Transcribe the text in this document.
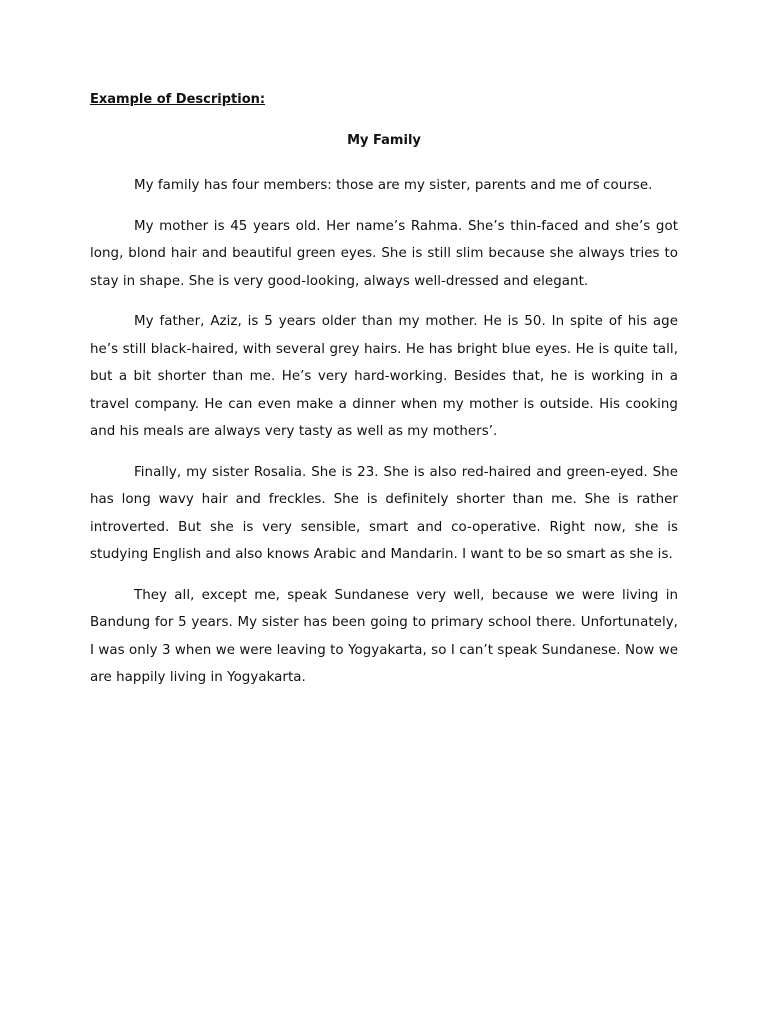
Example of Description:
My Family

My family has four members: those are my sister, parents and me of course.

My mother is 45 years old. Her name’s Rahma. She’s thin-faced and she’s got long, blond hair and beautiful green eyes. She is still slim because she always tries to stay in shape. She is very good-looking, always well-dressed and elegant.

My father, Aziz, is 5 years older than my mother. He is 50. In spite of his age he’s still black-haired, with several grey hairs. He has bright blue eyes. He is quite tall, but a bit shorter than me. He’s very hard-working. Besides that, he is working in a travel company. He can even make a dinner when my mother is outside. His cooking and his meals are always very tasty as well as my mothers’.

Finally, my sister Rosalia. She is 23. She is also red-haired and green-eyed. She has long wavy hair and freckles. She is definitely shorter than me. She is rather introverted. But she is very sensible, smart and co-operative. Right now, she is studying English and also knows Arabic and Mandarin. I want to be so smart as she is.

They all, except me, speak Sundanese very well, because we were living in Bandung for 5 years. My sister has been going to primary school there. Unfortunately, I was only 3 when we were leaving to Yogyakarta, so I can’t speak Sundanese. Now we are happily living in Yogyakarta.
